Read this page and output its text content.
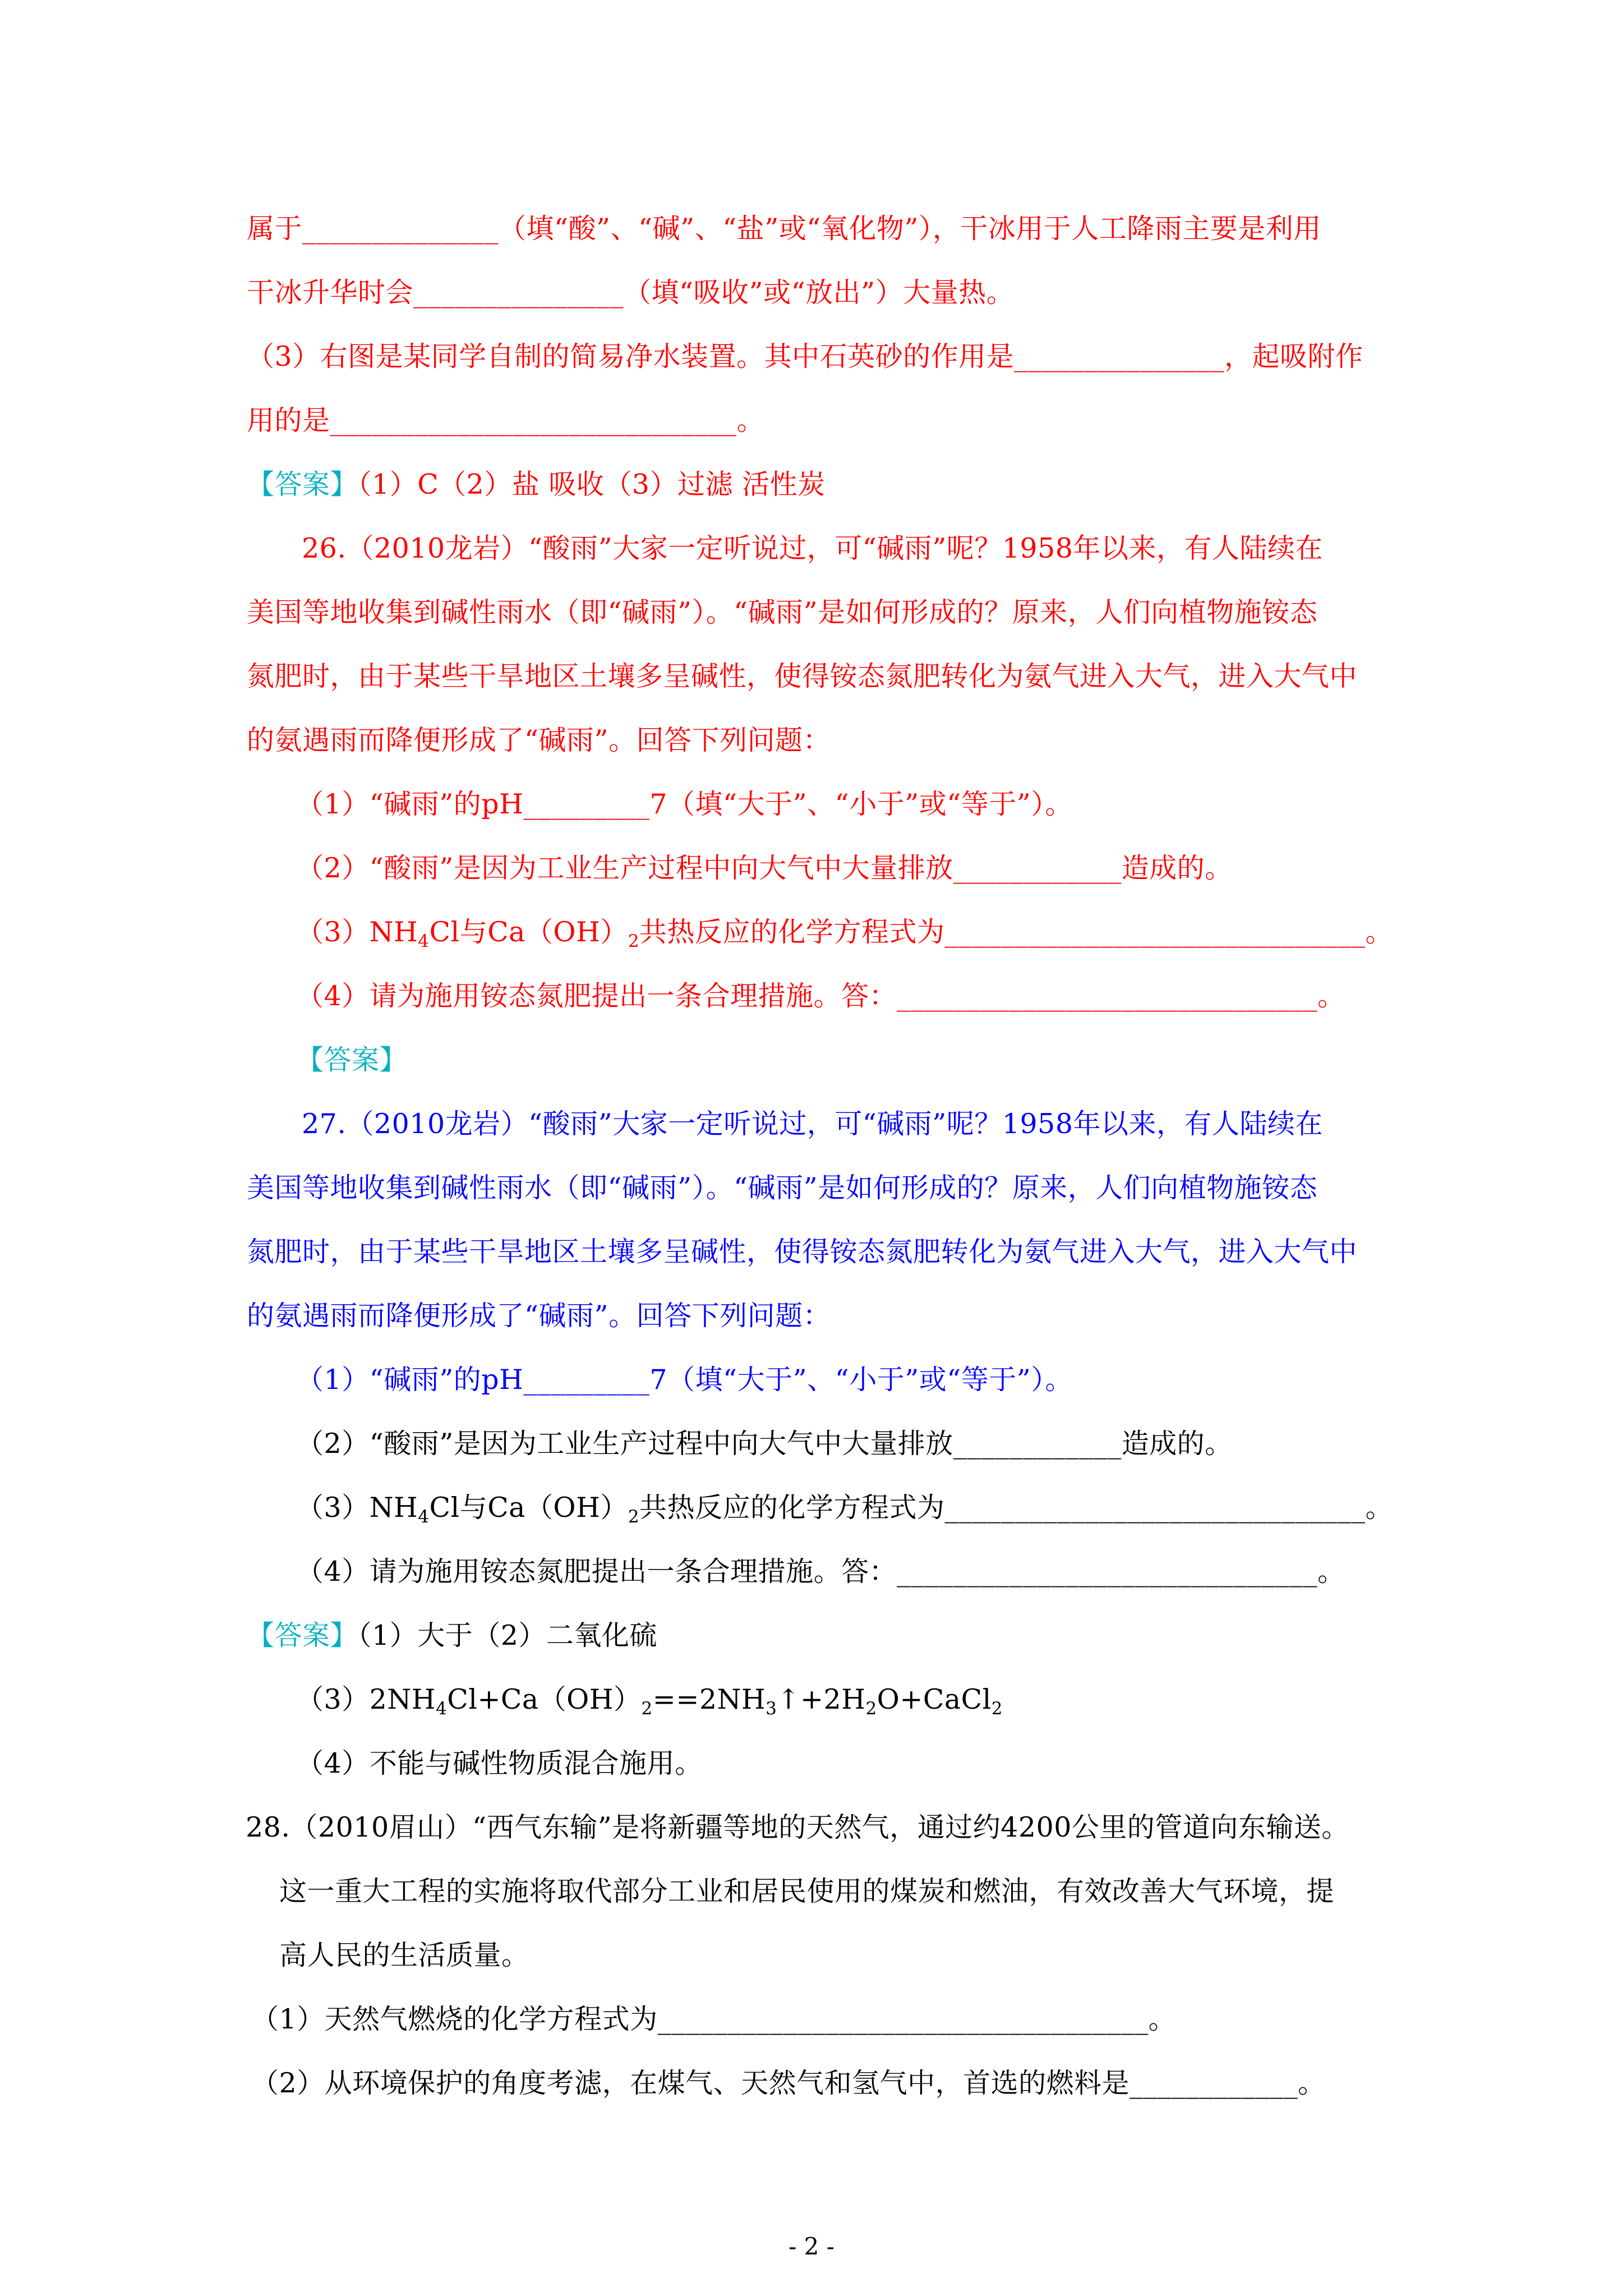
属于______________（填“酸”、“碱”、“盐”或“氧化物”），干冰用于人工降雨主要是利用
干冰升华时会_______________（填“吸收”或“放出”）大量热。
（3）右图是某同学自制的简易净水装置。其中石英砂的作用是_______________，起吸附作
用的是_____________________________。
【答案】（1）C（2）盐 吸收（3）过滤 活性炭
26.（2010龙岩）“酸雨”大家一定听说过，可“碱雨”呢？1958年以来，有人陆续在
美国等地收集到碱性雨水（即“碱雨”）。“碱雨”是如何形成的？原来，人们向植物施铵态
氮肥时，由于某些干旱地区土壤多呈碱性，使得铵态氮肥转化为氨气进入大气，进入大气中
的氨遇雨而降便形成了“碱雨”。回答下列问题：
（1）“碱雨”的pH_________7（填“大于”、“小于”或“等于”）。
（2）“酸雨”是因为工业生产过程中向大气中大量排放____________造成的。
$(3)NH_4Cl$与$Ca(OH)_2$共热反应的化学方程式为______________________________。
（4）请为施用铵态氮肥提出一条合理措施。答：______________________________。
【答案】
27.（2010龙岩）“酸雨”大家一定听说过，可“碱雨”呢？1958年以来，有人陆续在
美国等地收集到碱性雨水（即“碱雨”）。“碱雨”是如何形成的？原来，人们向植物施铵态
氮肥时，由于某些干旱地区土壤多呈碱性，使得铵态氮肥转化为氨气进入大气，进入大气中
的氨遇雨而降便形成了“碱雨”。回答下列问题：
（1）“碱雨”的pH_________7（填“大于”、“小于”或“等于”）。
（2）“酸雨”是因为工业生产过程中向大气中大量排放____________造成的。
$(3)NH_4Cl$与$Ca(OH)_2$共热反应的化学方程式为______________________________。
（4）请为施用铵态氮肥提出一条合理措施。答：______________________________。
【答案】（1）大于（2）二氧化硫
$(3)2NH_4Cl+Ca(OH)_2==2NH_3↑+2H_2O+CaCl_2$
（4）不能与碱性物质混合施用。
28.（2010眉山）“西气东输”是将新疆等地的天然气，通过约4200公里的管道向东输送。
这一重大工程的实施将取代部分工业和居民使用的煤炭和燃油，有效改善大气环境，提
高人民的生活质量。
（1）天然气燃烧的化学方程式为___________________________________。
（2）从环境保护的角度考滤，在煤气、天然气和氢气中，首选的燃料是____________。
- 2 -
